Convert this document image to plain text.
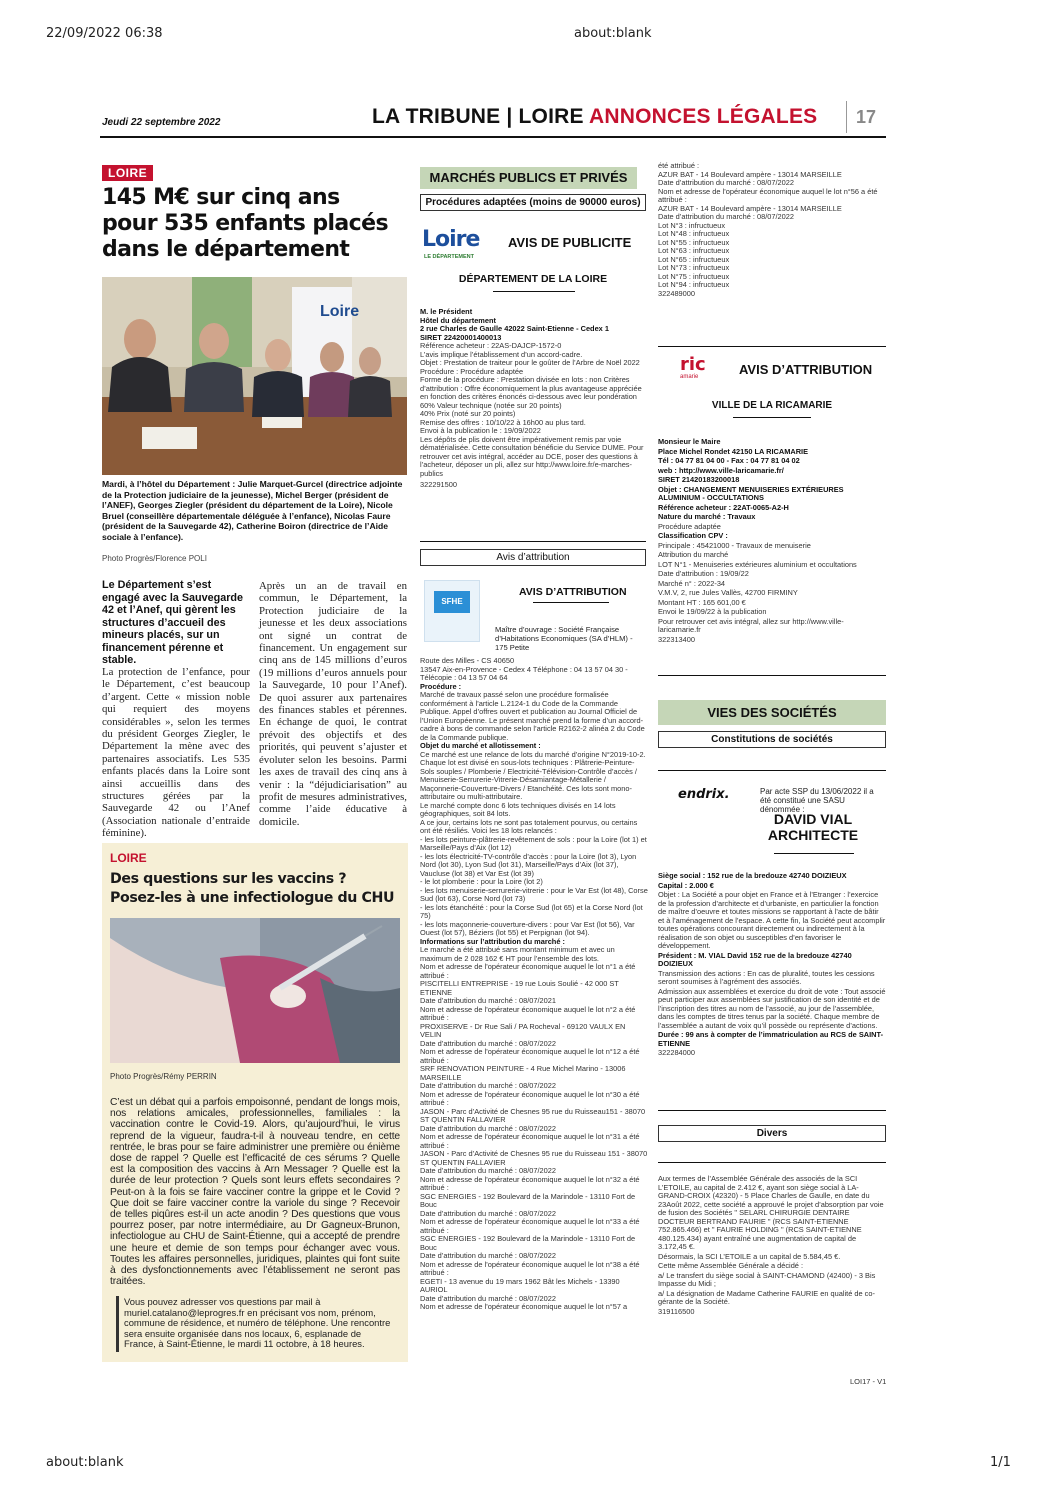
22/09/2022 06:38	about:blank
about:blank	1/1
Jeudi 22 septembre 2022	LA TRIBUNE | LOIRE ANNONCES LÉGALES 17
LOIRE
145 M€ sur cinq ans
pour 535 enfants placés
dans le département
Loire
Mardi, à l’hôtel du Département : Julie Marquet-Gurcel (directrice adjointe de la Protection judiciaire de la jeunesse), Michel Berger (président de l’ANEF), Georges Ziegler (président du département de la Loire), Nicole Bruel (conseillère départementale déléguée à l’enfance), Nicolas Faure (président de la Sauvegarde 42), Catherine Boiron (directrice de l’Aide sociale à l’enfance).
Photo Progrès/Florence POLI
Le Département s’est engagé avec la Sauvegarde 42 et l’Anef, qui gèrent les structures d’accueil des mineurs placés, sur un financement pérenne et stable.
La protection de l’enfance, pour le Département, c’est beaucoup d’argent. Cette « mission noble qui requiert des moyens considérables », selon les termes du président Georges Ziegler, le Département la mène avec des partenaires associatifs. Les 535 enfants placés dans la Loire sont ainsi accueillis dans des structures gérées par la Sauvegarde 42 ou l’Anef (Association nationale d’entraide féminine).
Après un an de travail en commun, le Département, la Protection judiciaire de la jeunesse et les deux associations ont signé un contrat de financement. Un engagement sur cinq ans de 145 millions d’euros (19 millions d’euros annuels pour la Sauvegarde, 10 pour l’Anef). De quoi assurer aux partenaires des finances stables et pérennes. En échange de quoi, le contrat prévoit des objectifs et des priorités, qui peuvent s’ajuster et évoluter selon les besoins. Parmi les axes de travail des cinq ans à venir : la “déjudiciarisation” au profit de mesures administratives, comme l’aide éducative à domicile.
LOIRE
Des questions sur les vaccins ?
Posez-les à une infectiologue du CHU
Photo Progrès/Rémy PERRIN
C’est un débat qui a parfois empoisonné, pendant de longs mois, nos relations amicales, professionnelles, familiales : la vaccination contre le Covid-19. Alors, qu’aujourd’hui, le virus reprend de la vigueur, faudra-t-il à nouveau tendre, en cette rentrée, le bras pour se faire administrer une première ou énième dose de rappel ? Quelle est l’efficacité de ces sérums ? Quelle est la composition des vaccins à Arn Messager ? Quelle est la durée de leur protection ? Quels sont leurs effets secondaires ? Peut-on à la fois se faire vacciner contre la grippe et le Covid ? Que doit se faire vacciner contre la variole du singe ? Recevoir de telles piqûres est-il un acte anodin ? Des questions que vous pourrez poser, par notre intermédiaire, au Dr Gagneux-Brunon, infectiologue au CHU de Saint-Étienne, qui a accepté de prendre une heure et demie de son temps pour échanger avec vous. Toutes les affaires personnelles, juridiques, plaintes qui font suite à des dysfonctionnements avec l’établissement ne seront pas traitées.
Vous pouvez adresser vos questions par mail à muriel.catalano@leprogres.fr en précisant vos nom, prénom, commune de résidence, et numéro de téléphone. Une rencontre sera ensuite organisée dans nos locaux, 6, esplanade de France, à Saint-Étienne, le mardi 11 octobre, à 18 heures.
MARCHÉS PUBLICS ET PRIVÉS
Procédures adaptées (moins de 90000 euros)
Loire
LE DÉPARTEMENT
AVIS DE PUBLICITE
DÉPARTEMENT DE LA LOIRE

M. le Président

Hôtel du département

2 rue Charles de Gaulle 42022 Saint-Etienne - Cedex 1

SIRET 22420001400013

Référence acheteur : 22AS-DAJCP-1572-0

L’avis implique l’établissement d’un accord-cadre.

Objet : Prestation de traiteur pour le goûter de l’Arbre de Noël 2022

Procédure : Procédure adaptée

Forme de la procédure : Prestation divisée en lots : non Critères d’attribution : Offre économiquement la plus avantageuse appréciée en fonction des critères énoncés ci-dessous avec leur pondération

60% Valeur technique (notée sur 20 points)

40% Prix (noté sur 20 points)

Remise des offres : 10/10/22 à 16h00 au plus tard.

Envoi à la publication le : 19/09/2022

Les dépôts de plis doivent être impérativement remis par voie dématérialisée. Cette consultation bénéficie du Service DUME. Pour retrouver cet avis intégral, accéder au DCE, poser des questions à l’acheteur, déposer un pli, allez sur http://www.loire.fr/e-marches-publics

322291500

Avis d’attribution
SFHE
AVIS D’ATTRIBUTION
Maître d’ouvrage : Société Française d’Habitations Economiques (SA d’HLM) - 175 Petite

Route des Milles - CS 40650

13547 Aix-en-Provence - Cedex 4 Téléphone : 04 13 57 04 30 - Télécopie : 04 13 57 04 64

Procédure :

Marché de travaux passé selon une procédure formalisée conformément à l’article L.2124-1 du Code de la Commande Publique. Appel d’offres ouvert et publication au Journal Officiel de l’Union Européenne. Le présent marché prend la forme d’un accord-cadre à bons de commande selon l’article R2162-2 alinéa 2 du Code de la Commande publique.

Objet du marché et allotissement :

Ce marché est une relance de lots du marché d’origine N°2019-10-2.

Chaque lot est divisé en sous-lots techniques : Plâtrerie-Peinture-Sols souples / Plomberie / Electricité-Télévision-Contrôle d’accès / Menuiserie-Serrurerie-Vitrerie-Désamiantage-Métallerie / Maçonnerie-Couverture-Divers / Etanchéité. Ces lots sont mono-attributaire ou multi-attributaire.

Le marché compte donc 6 lots techniques divisés en 14 lots géographiques, soit 84 lots.

A ce jour, certains lots ne sont pas totalement pourvus, ou certains ont été résiliés. Voici les 18 lots relancés :

- les lots peinture-plâtrerie-revêtement de sols : pour la Loire (lot 1) et Marseille/Pays d’Aix (lot 12)

- les lots électricité-TV-contrôle d’accès : pour la Loire (lot 3), Lyon Nord (lot 30), Lyon Sud (lot 31), Marseille/Pays d’Aix (lot 37), Vaucluse (lot 38) et Var Est (lot 39)

- le lot plomberie : pour la Loire (lot 2)

- les lots menuiserie-serrurerie-vitrerie : pour le Var Est (lot 48), Corse Sud (lot 63), Corse Nord (lot 73)

- les lots étanchéité : pour la Corse Sud (lot 65) et la Corse Nord (lot 75)

- les lots maçonnerie-couverture-divers : pour Var Est (lot 56), Var Ouest (lot 57), Béziers (lot 55) et Perpignan (lot 94).

Informations sur l’attribution du marché :

Le marché a été attribué sans montant minimum et avec un maximum de 2 028 162 € HT pour l’ensemble des lots.

Nom et adresse de l’opérateur économique auquel le lot n°1 a été attribué :

PISCITELLI ENTREPRISE - 19 rue Louis Soulié - 42 000 ST ETIENNE

Date d’attribution du marché : 08/07/2021

Nom et adresse de l’opérateur économique auquel le lot n°2 a été attribué :

PROXISERVE - Dr Rue Sali / PA Rocheval - 69120 VAULX EN VELIN

Date d’attribution du marché : 08/07/2022

Nom et adresse de l’opérateur économique auquel le lot n°12 a été attribué :

SRF RENOVATION PEINTURE - 4 Rue Michel Marino - 13006 MARSEILLE

Date d’attribution du marché : 08/07/2022

Nom et adresse de l’opérateur économique auquel le lot n°30 a été attribué :

JASON - Parc d’Activité de Chesnes 95 rue du Ruisseau151 - 38070 ST QUENTIN FALLAVIER

Date d’attribution du marché : 08/07/2022

Nom et adresse de l’opérateur économique auquel le lot n°31 a été attribué :

JASON - Parc d’Activité de Chesnes 95 rue du Ruisseau 151 - 38070 ST QUENTIN FALLAVIER

Date d’attribution du marché : 08/07/2022

Nom et adresse de l’opérateur économique auquel le lot n°32 a été attribué :

SGC ENERGIES - 192 Boulevard de la Marindole - 13110 Fort de Bouc

Date d’attribution du marché : 08/07/2022

Nom et adresse de l’opérateur économique auquel le lot n°33 a été attribué :

SGC ENERGIES - 192 Boulevard de la Marindole - 13110 Fort de Bouc

Date d’attribution du marché : 08/07/2022

Nom et adresse de l’opérateur économique auquel le lot n°38 a été attribué :

EGETI - 13 avenue du 19 mars 1962 Bât les Michels - 13390 AURIOL

Date d’attribution du marché : 08/07/2022

Nom et adresse de l’opérateur économique auquel le lot n°57 a

été attribué :

AZUR BAT - 14 Boulevard ampère - 13014 MARSEILLE

Date d’attribution du marché : 08/07/2022

Nom et adresse de l’opérateur économique auquel le lot n°56 a été attribué :

AZUR BAT - 14 Boulevard ampère - 13014 MARSEILLE

Date d’attribution du marché : 08/07/2022

Lot N°3 : infructueux

Lot N°48 : infructueux

Lot N°55 : infructueux

Lot N°63 : infructueux

Lot N°65 : infructueux

Lot N°73 : infructueux

Lot N°75 : infructueux

Lot N°94 : infructueux

322489000

ric
amarie	AVIS D’ATTRIBUTION
VILLE DE LA RICAMARIE

Monsieur le Maire

Place Michel Rondet 42150 LA RICAMARIE

Tél : 04 77 81 04 00 - Fax : 04 77 81 04 02

web : http://www.ville-laricamarie.fr/

SIRET 21420183200018

Objet : CHANGEMENT MENUISERIES EXTÉRIEURES ALUMINIUM - OCCULTATIONS

Référence acheteur : 22AT-0065-A2-H

Nature du marché : Travaux

Procédure adaptée

Classification CPV :

Principale : 45421000 - Travaux de menuiserie

Attribution du marché

LOT N°1 - Menuiseries extérieures aluminium et occultations

Date d’attribution : 19/09/22

Marché n° : 2022-34

V.M.V, 2, rue Jules Vallès, 42700 FIRMINY

Montant HT : 165 601,00 €

Envoi le 19/09/22 à la publication

Pour retrouver cet avis intégral, allez sur http://www.ville-laricamarie.fr

322313400

VIES DES SOCIÉTÉS
Constitutions de sociétés
endrix.	Par acte SSP du 13/06/2022 il a été constitué une SASU dénommée :
DAVID VIAL
ARCHITECTE

Siège social : 152 rue de la bredouze 42740 DOIZIEUX

Capital : 2.000 €

Objet : La Société a pour objet en France et à l’Etranger : l’exercice de la profession d’architecte et d’urbaniste, en particulier la fonction de maître d’oeuvre et toutes missions se rapportant à l’acte de bâtir et à l’aménagement de l’espace. A cette fin, la Société peut accomplir toutes opérations concourant directement ou indirectement à la réalisation de son objet ou susceptibles d’en favoriser le développement.

Président : M. VIAL David 152 rue de la bredouze 42740 DOIZIEUX

Transmission des actions : En cas de pluralité, toutes les cessions seront soumises à l’agrément des associés.

Admission aux assemblées et exercice du droit de vote : Tout associé peut participer aux assemblées sur justification de son identité et de l’inscription des titres au nom de l’associé, au jour de l’assemblée, dans les comptes de titres tenus par la société. Chaque membre de l’assemblée a autant de voix qu’il possède ou représente d’actions.

Durée : 99 ans à compter de l’immatriculation au RCS de SAINT-ETIENNE

322284000

Divers

Aux termes de l’Assemblée Générale des associés de la SCI L’ETOILE, au capital de 2.412 €, ayant son siège social à LA-GRAND-CROIX (42320) - 5 Place Charles de Gaulle, en date du 23Août 2022, cette société a approuvé le projet d’absorption par voie de fusion des Sociétés " SELARL CHIRURGIE DENTAIRE DOCTEUR BERTRAND FAURIE " (RCS SAINT-ETIENNE 752.865.466) et " FAURIE HOLDING " (RCS SAINT-ETIENNE 480.125.434) ayant entraîné une augmentation de capital de 3.172,45 €.

Désormais, la SCI L’ETOILE a un capital de 5.584,45 €.

Cette même Assemblée Générale a décidé :

a/ Le transfert du siège social à SAINT-CHAMOND (42400) - 3 Bis Impasse du Midi ;

a/ La désignation de Madame Catherine FAURIE en qualité de co-gérante de la Société.

319116500

LOI17 - V1
